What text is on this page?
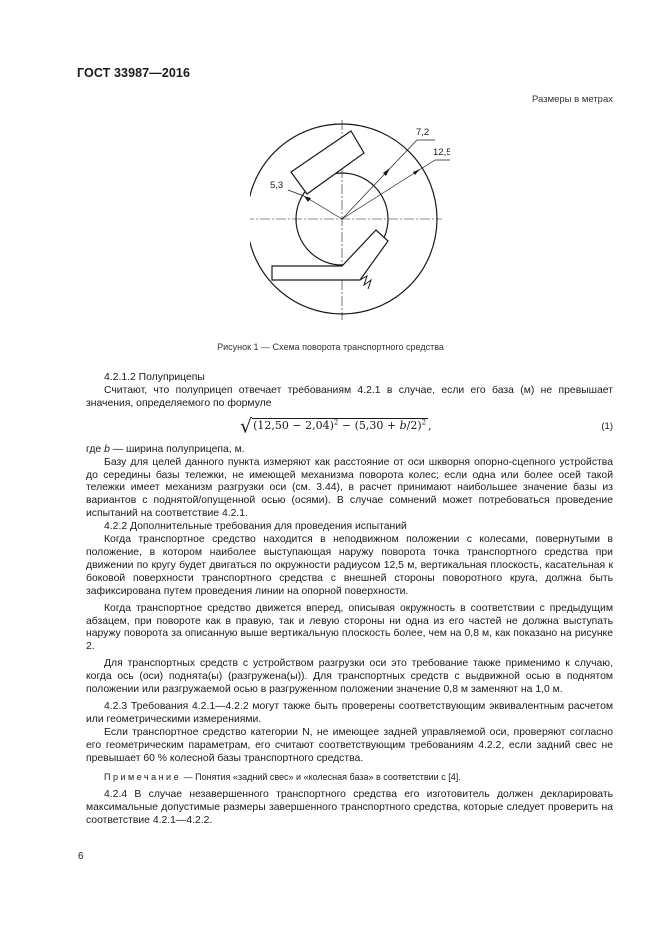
ГОСТ 33987—2016
Размеры в метрах
7,2
12,5
5,3
Рисунок 1 — Схема поворота транспортного средства

4.2.1.2 Полуприцепы

Считают, что полуприцеп отвечает требованиям 4.2.1 в случае, если его база (м) не превышает значения, определяемого по формуле

$√(12,50 - 2,04)^2 - (5,30 + b/2)^2$ ,	(1)

где b — ширина полуприцепа, м.

Базу для целей данного пункта измеряют как расстояние от оси шкворня опорно-сцепного устройства до середины базы тележки, не имеющей механизма поворота колес; если одна или более осей такой тележки имеет механизм разгрузки оси (см. 3.44), в расчет принимают наибольшее значение базы из вариантов с поднятой/опущенной осью (осями). В случае сомнений может потребоваться проведение испытаний на соответствие 4.2.1.

4.2.2 Дополнительные требования для проведения испытаний

Когда транспортное средство находится в неподвижном положении с колесами, повернутыми в положение, в котором наиболее выступающая наружу поворота точка транспортного средства при движении по кругу будет двигаться по окружности радиусом 12,5 м, вертикальная плоскость, касательная к боковой поверхности транспортного средства с внешней стороны поворотного круга, должна быть зафиксирована путем проведения линии на опорной поверхности.

Когда транспортное средство движется вперед, описывая окружность в соответствии с предыдущим абзацем, при повороте как в правую, так и левую стороны ни одна из его частей не должна выступать наружу поворота за описанную выше вертикальную плоскость более, чем на 0,8 м, как показано на рисунке 2.

Для транспортных средств с устройством разгрузки оси это требование также применимо к случаю, когда ось (оси) поднята(ы) (разгружена(ы)). Для транспортных средств с выдвижной осью в поднятом положении или разгружаемой осью в разгруженном положении значение 0,8 м заменяют на 1,0 м.

4.2.3 Требования 4.2.1—4.2.2 могут также быть проверены соответствующим эквивалентным расчетом или геометрическими измерениями.

Если транспортное средство категории N, не имеющее задней управляемой оси, проверяют согласно его геометрическим параметрам, его считают соответствующим требованиям 4.2.2, если задний свес не превышает 60 % колесной базы транспортного средства.

Примечание — Понятия «задний свес» и «колесная база» в соответствии с [4].

4.2.4 В случае незавершенного транспортного средства его изготовитель должен декларировать максимальные допустимые размеры завершенного транспортного средства, которые следует проверить на соответствие 4.2.1—4.2.2.

6
